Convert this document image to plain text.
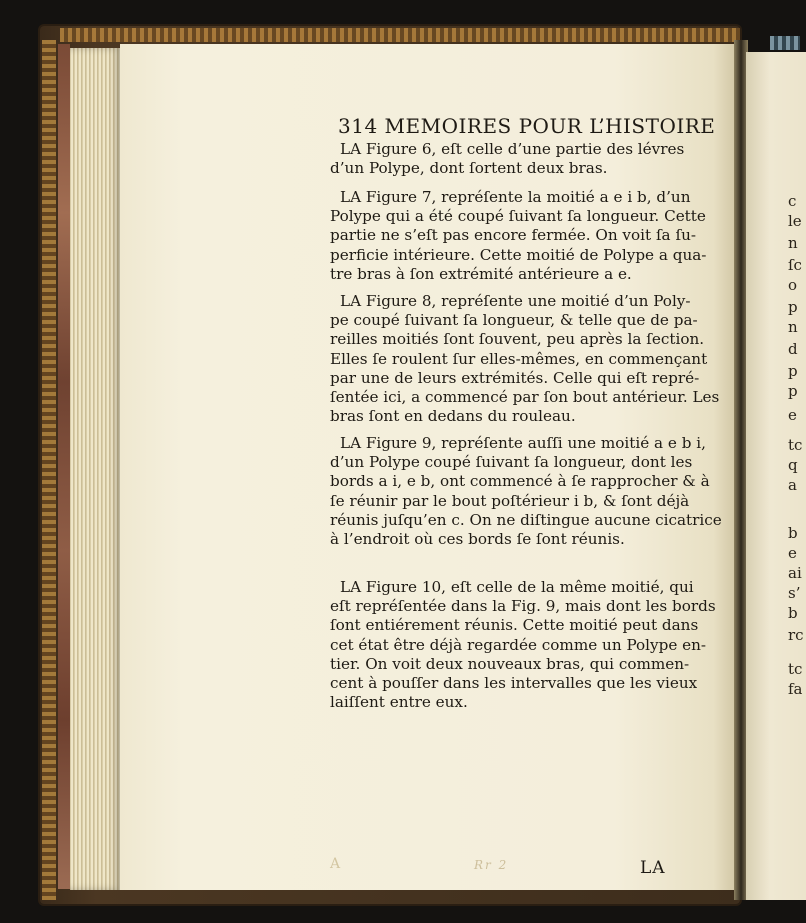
314 MEMOIRES POUR L’HISTOIRE
LA Figure 6, eſt celle d’une partie des lévres
d’un Polype, dont ſortent deux bras.
LA Figure 7, repréſente la moitié a e i b, d’un
Polype qui a été coupé ſuivant ſa longueur. Cette
partie ne s’eſt pas encore fermée. On voit ſa ſu-
perficie intérieure. Cette moitié de Polype a qua-
tre bras à ſon extrémité antérieure a e.
LA Figure 8, repréſente une moitié d’un Poly-
pe coupé ſuivant ſa longueur, & telle que de pa-
reilles moitiés ſont ſouvent, peu après la ſection.
Elles ſe roulent ſur elles-mêmes, en commençant
par une de leurs extrémités. Celle qui eſt repré-
ſentée ici, a commencé par ſon bout antérieur. Les
bras ſont en dedans du rouleau.
LA Figure 9, repréſente auſſi une moitié a e b i,
d’un Polype coupé ſuivant ſa longueur, dont les
bords a i, e b, ont commencé à ſe rapprocher & à
ſe réunir par le bout poſtérieur i b, & ſont déjà
réunis juſqu’en c. On ne diſtingue aucune cicatrice
à l’endroit où ces bords ſe ſont réunis.
LA Figure 10, eſt celle de la même moitié, qui
eſt repréſentée dans la Fig. 9, mais dont les bords
ſont entiérement réunis. Cette moitié peut dans
cet état être déjà regardée comme un Polype en-
tier. On voit deux nouveaux bras, qui commen-
cent à pouſſer dans les intervalles que les vieux
laiſſent entre eux.
A	Rr 2	LA
c
le
n
ſc
o
p
n
d
p
p
e
tc
q
a
b
e
ai
s’
b
rc
tc
fa
